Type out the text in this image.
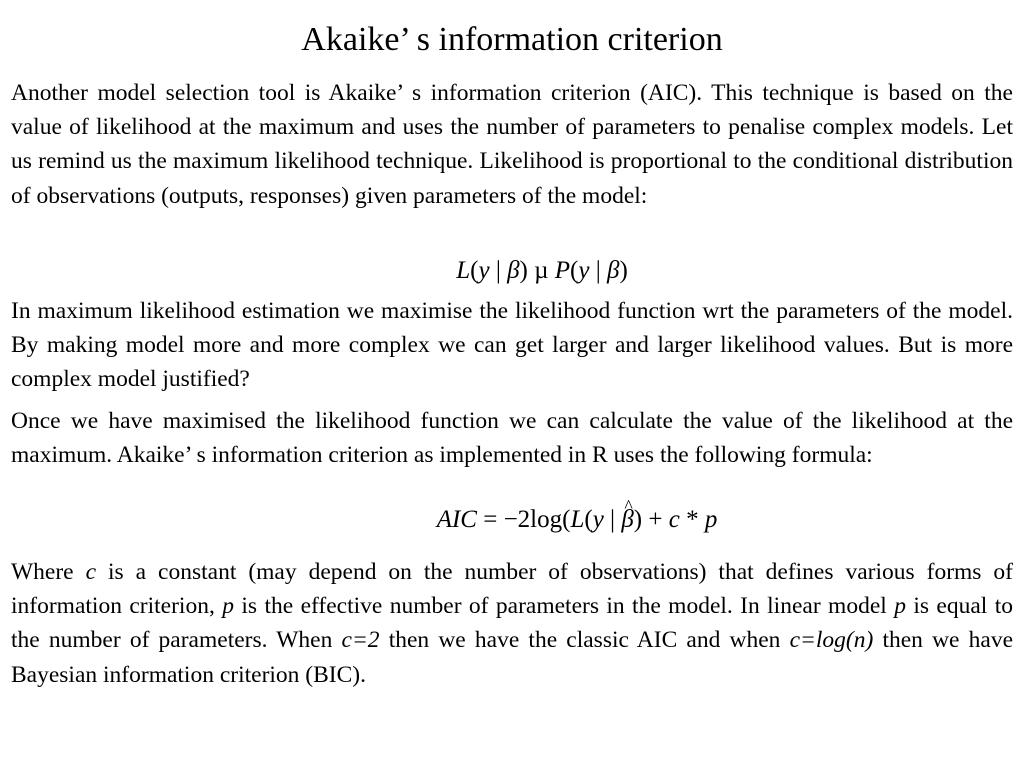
Akaike’ s information criterion

Another model selection tool is Akaike’ s information criterion (AIC). This technique is based on the value of likelihood at the maximum and uses the number of parameters to penalise complex models. Let us remind us the maximum likelihood technique. Likelihood is proportional to the conditional distribution of observations (outputs, responses) given parameters of the model:

L(y | β) µ P(y | β)

In maximum likelihood estimation we maximise the likelihood function wrt the parameters of the model. By making model more and more complex we can get larger and larger likelihood values. But is more complex model justified?

Once we have maximised the likelihood function we can calculate the value of the likelihood at the maximum. Akaike’ s information criterion as implemented in R uses the following formula:

AIC = −2log(L(y | ^ β) + c * p

Where c is a constant (may depend on the number of observations) that defines various forms of information criterion, p is the effective number of parameters in the model. In linear model p is equal to the number of parameters. When c=2 then we have the classic AIC and when c=log(n) then we have Bayesian information criterion (BIC).
